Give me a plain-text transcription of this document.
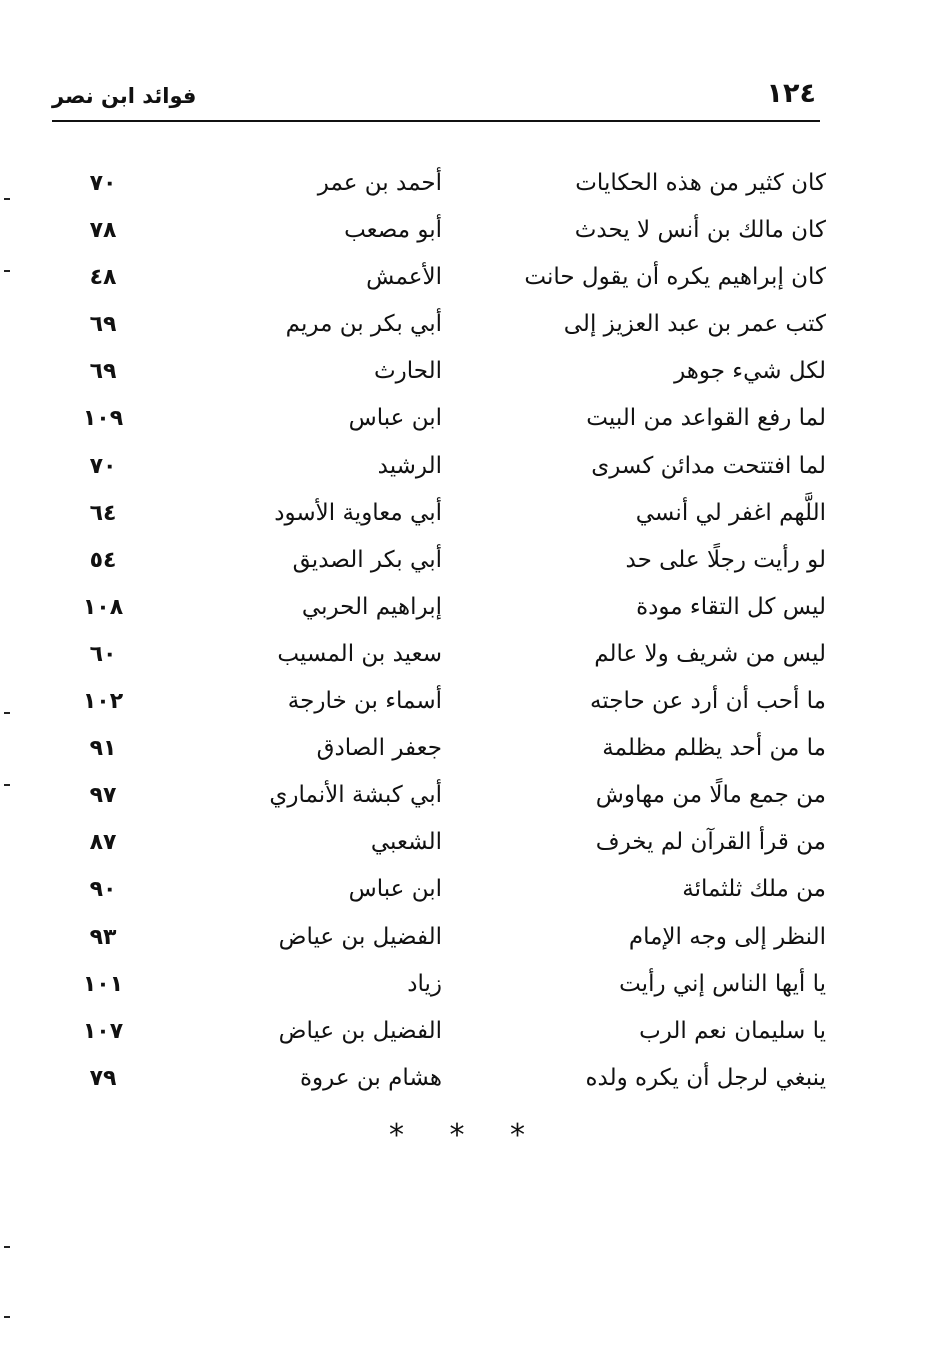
١٢٤
فوائد ابن نصر
كان كثير من هذه الحكايات
أحمد بن عمر
٧٠
كان مالك بن أنس لا يحدث
أبو مصعب
٧٨
كان إبراهيم يكره أن يقول حانت
الأعمش
٤٨
كتب عمر بن عبد العزيز إلى
أبي بكر بن مريم
٦٩
لكل شيء جوهر
الحارث
٦٩
لما رفع القواعد من البيت
ابن عباس
١٠٩
لما افتتحت مدائن كسرى
الرشيد
٧٠
اللَّهم اغفر لي أنسي
أبي معاوية الأسود
٦٤
لو رأيت رجلًا على حد
أبي بكر الصديق
٥٤
ليس كل التقاء مودة
إبراهيم الحربي
١٠٨
ليس من شريف ولا عالم
سعيد بن المسيب
٦٠
ما أحب أن أرد عن حاجته
أسماء بن خارجة
١٠٢
ما من أحد يظلم مظلمة
جعفر الصادق
٩١
من جمع مالًا من مهاوش
أبي كبشة الأنماري
٩٧
من قرأ القرآن لم يخرف
الشعبي
٨٧
من ملك ثلثمائة
ابن عباس
٩٠
النظر إلى وجه الإمام
الفضيل بن عياض
٩٣
يا أيها الناس إني رأيت
زياد
١٠١
يا سليمان نعم الرب
الفضيل بن عياض
١٠٧
ينبغي لرجل أن يكره ولده
هشام بن عروة
٧٩
* * *
